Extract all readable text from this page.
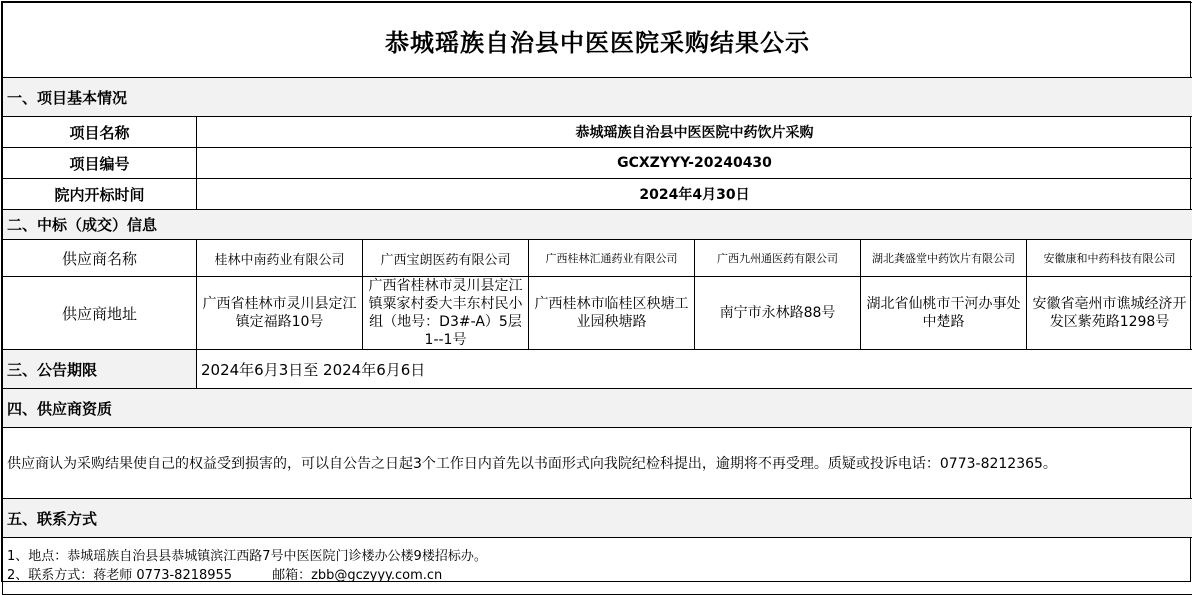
恭城瑶族自治县中医医院采购结果公示						
一、项目基本情况						
项目名称	恭城瑶族自治县中医医院中药饮片采购					
项目编号	GCXZYYY-20240430					
院内开标时间	2024年4月30日					
二、中标（成交）信息						
供应商名称	桂林中南药业有限公司	广西宝朗医药有限公司	广西桂林汇通药业有限公司	广西九州通医药有限公司	湖北龚盛堂中药饮片有限公司	安徽康和中药科技有限公司
供应商地址	广西省桂林市灵川县定江镇定福路10号	广西省桂林市灵川县定江镇粟家村委大丰东村民小组（地号：D3#-A）5层1--1号	广西桂林市临桂区秧塘工业园秧塘路	南宁市永林路88号	湖北省仙桃市干河办事处中楚路	安徽省亳州市谯城经济开发区紫苑路1298号
三、公告期限	2024年6月3日至 2024年6月6日					
四、供应商资质						
供应商认为采购结果使自己的权益受到损害的，可以自公告之日起3个工作日内首先以书面形式向我院纪检科提出，逾期将不再受理。质疑或投诉电话：0773-8212365。						
五、联系方式						

1、地点：恭城瑶族自治县县恭城镇滨江西路7号中医医院门诊楼办公楼9楼招标办。
2、联系方式：蒋老师 0773-8218955 邮箱：zbb@gczyyy.com.cn						
